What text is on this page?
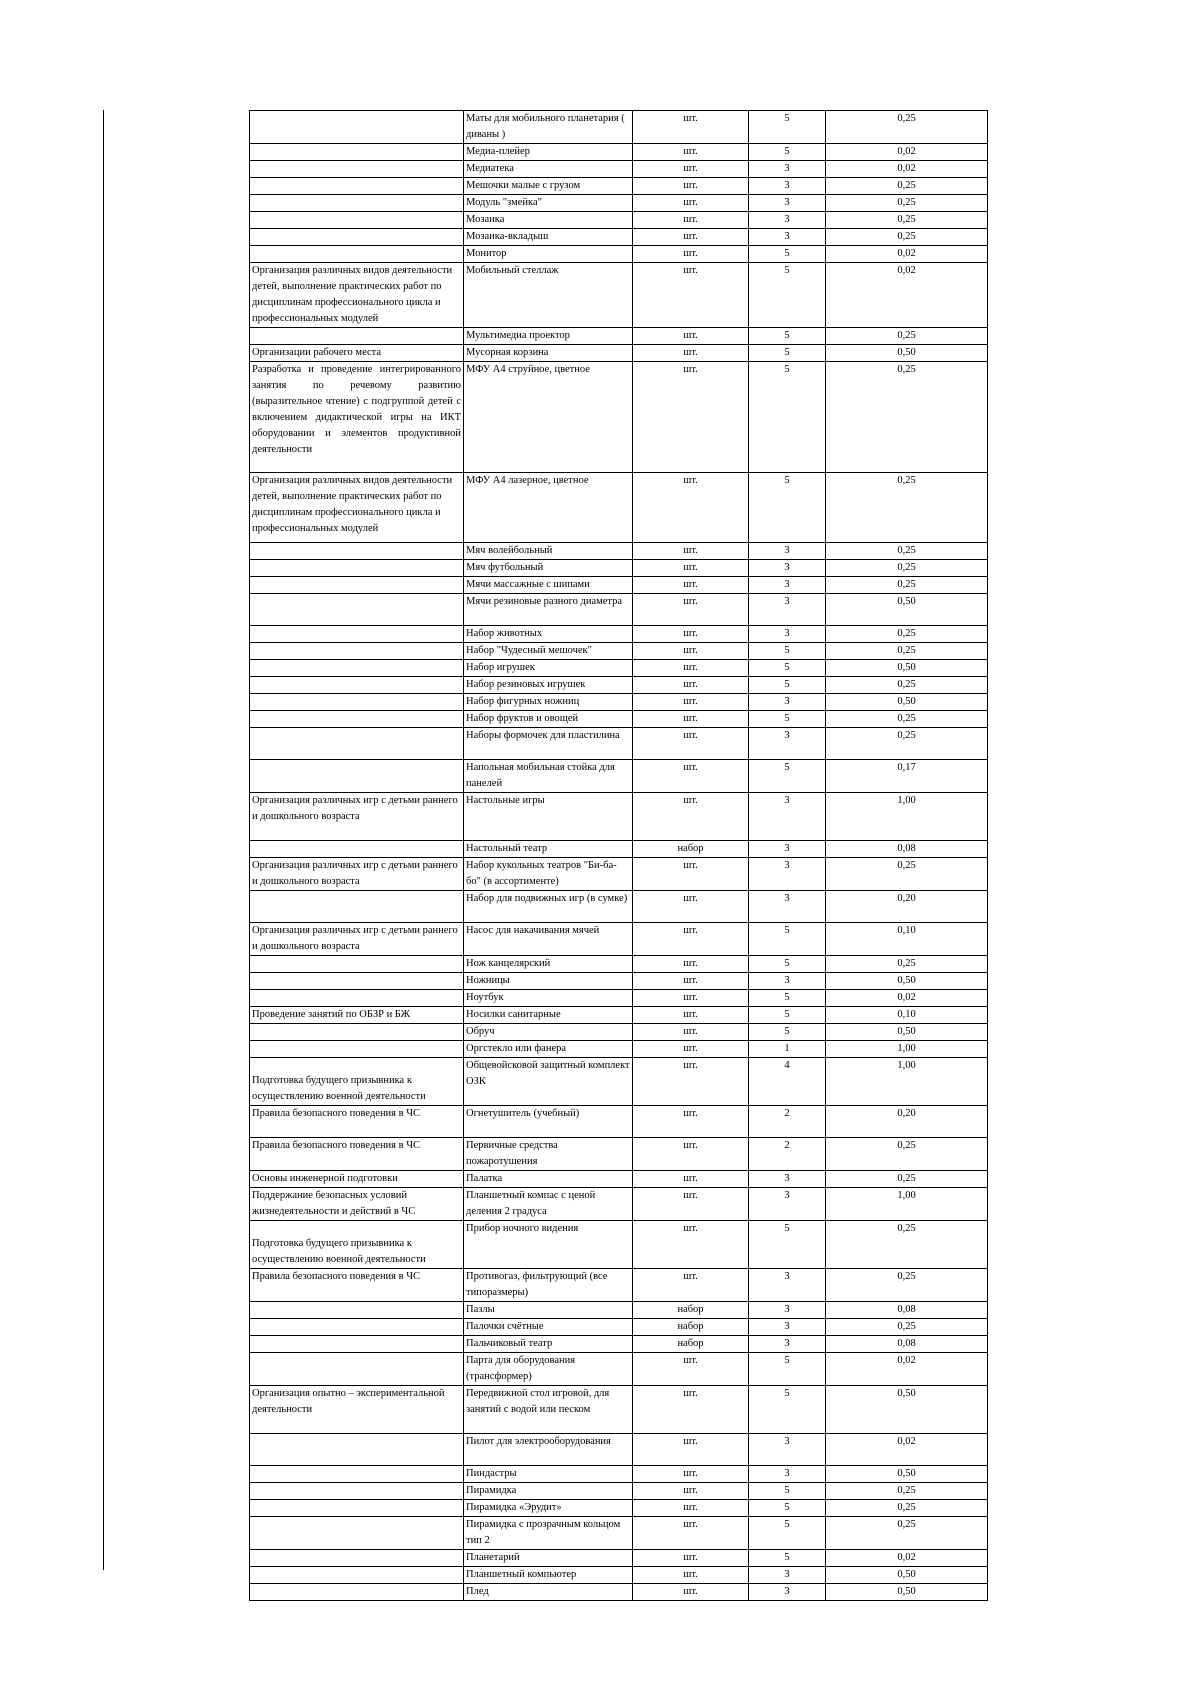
	Маты для мобильного планетария ( диваны )	шт.	5	0,25
	Медиа-плейер	шт.	5	0,02
	Медиатека	шт.	3	0,02
	Мешочки малые с грузом	шт.	3	0,25
	Модуль "змейка"	шт.	3	0,25
	Мозаика	шт.	3	0,25
	Мозаика-вкладыш	шт.	3	0,25
	Монитор	шт.	5	0,02
Организация различных видов деятельности детей, выполнение практических работ по дисциплинам профессионального цикла и профессиональных модулей	Мобильный стеллаж	шт.	5	0,02
	Мультимедиа проектор	шт.	5	0,25
Организации рабочего места	Мусорная корзина	шт.	5	0,50
Разработка и проведение интегрированного занятия по речевому развитию (выразительное чтение) с подгруппой детей с включением дидактической игры на ИКТ оборудовании и элементов продуктивной деятельности	МФУ А4 струйное, цветное	шт.	5	0,25
Организация различных видов деятельности детей, выполнение практических работ по дисциплинам профессионального цикла и профессиональных модулей	МФУ А4 лазерное, цветное	шт.	5	0,25
	Мяч волейбольный	шт.	3	0,25
	Мяч футбольный	шт.	3	0,25
	Мячи массажные с шипами	шт.	3	0,25
	Мячи резиновые разного диаметра	шт.	3	0,50
	Набор животных	шт.	3	0,25
	Набор "Чудесный мешочек"	шт.	5	0,25
	Набор игрушек	шт.	5	0,50
	Набор резиновых игрушек	шт.	5	0,25
	Набор фигурных ножниц	шт.	3	0,50
	Набор фруктов и овощей	шт.	5	0,25
	Наборы формочек для пластилина	шт.	3	0,25
	Напольная мобильная стойка для панелей	шт.	5	0,17
Организация различных игр с детьми раннего и дошкольного возраста	Настольные игры	шт.	3	1,00
	Настольный театр	набор	3	0,08
Организация различных игр с детьми раннего и дошкольного возраста	Набор кукольных театров "Би-ба-бо" (в ассортименте)	шт.	3	0,25
	Набор для подвижных игр (в сумке)	шт.	3	0,20
Организация различных игр с детьми раннего и дошкольного возраста	Насос для накачивания мячей	шт.	5	0,10
	Нож канцелярский	шт.	5	0,25
	Ножницы	шт.	3	0,50
	Ноутбук	шт.	5	0,02
Проведение занятий по ОБЗР и БЖ	Носилки санитарные	шт.	5	0,10
	Обруч	шт.	5	0,50
	Оргстекло или фанера	шт.	1	1,00
Подготовка будущего призывника к осуществлению военной деятельности	Общевойсковой защитный комплект ОЗК	шт.	4	1,00
Правила безопасного поведения в ЧС	Огнетушитель (учебный)	шт.	2	0,20
Правила безопасного поведения в ЧС	Первичные средства пожаротушения	шт.	2	0,25
Основы инженерной подготовки	Палатка	шт.	3	0,25
Поддержание безопасных условий жизнедеятельности и действий в ЧС	Планшетный компас с ценой деления 2 градуса	шт.	3	1,00
Подготовка будущего призывника к осуществлению военной деятельности	Прибор ночного видения	шт.	5	0,25
Правила безопасного поведения в ЧС	Противогаз, фильтрующий (все типоразмеры)	шт.	3	0,25
	Пазлы	набор	3	0,08
	Палочки счётные	набор	3	0,25
	Пальчиковый театр	набор	3	0,08
	Парта для оборудования (трансформер)	шт.	5	0,02
Организация опытно – экспериментальной деятельности	Передвижной стол игровой, для занятий с водой или песком	шт.	5	0,50
	Пилот для электрооборудования	шт.	3	0,02
	Пиндастры	шт.	3	0,50
	Пирамидка	шт.	5	0,25
	Пирамидка «Эрудит»	шт.	5	0,25
	Пирамидка с прозрачным кольцом тип 2	шт.	5	0,25
	Планетарий	шт.	5	0,02
	Планшетный компьютер	шт.	3	0,50
	Плед	шт.	3	0,50
